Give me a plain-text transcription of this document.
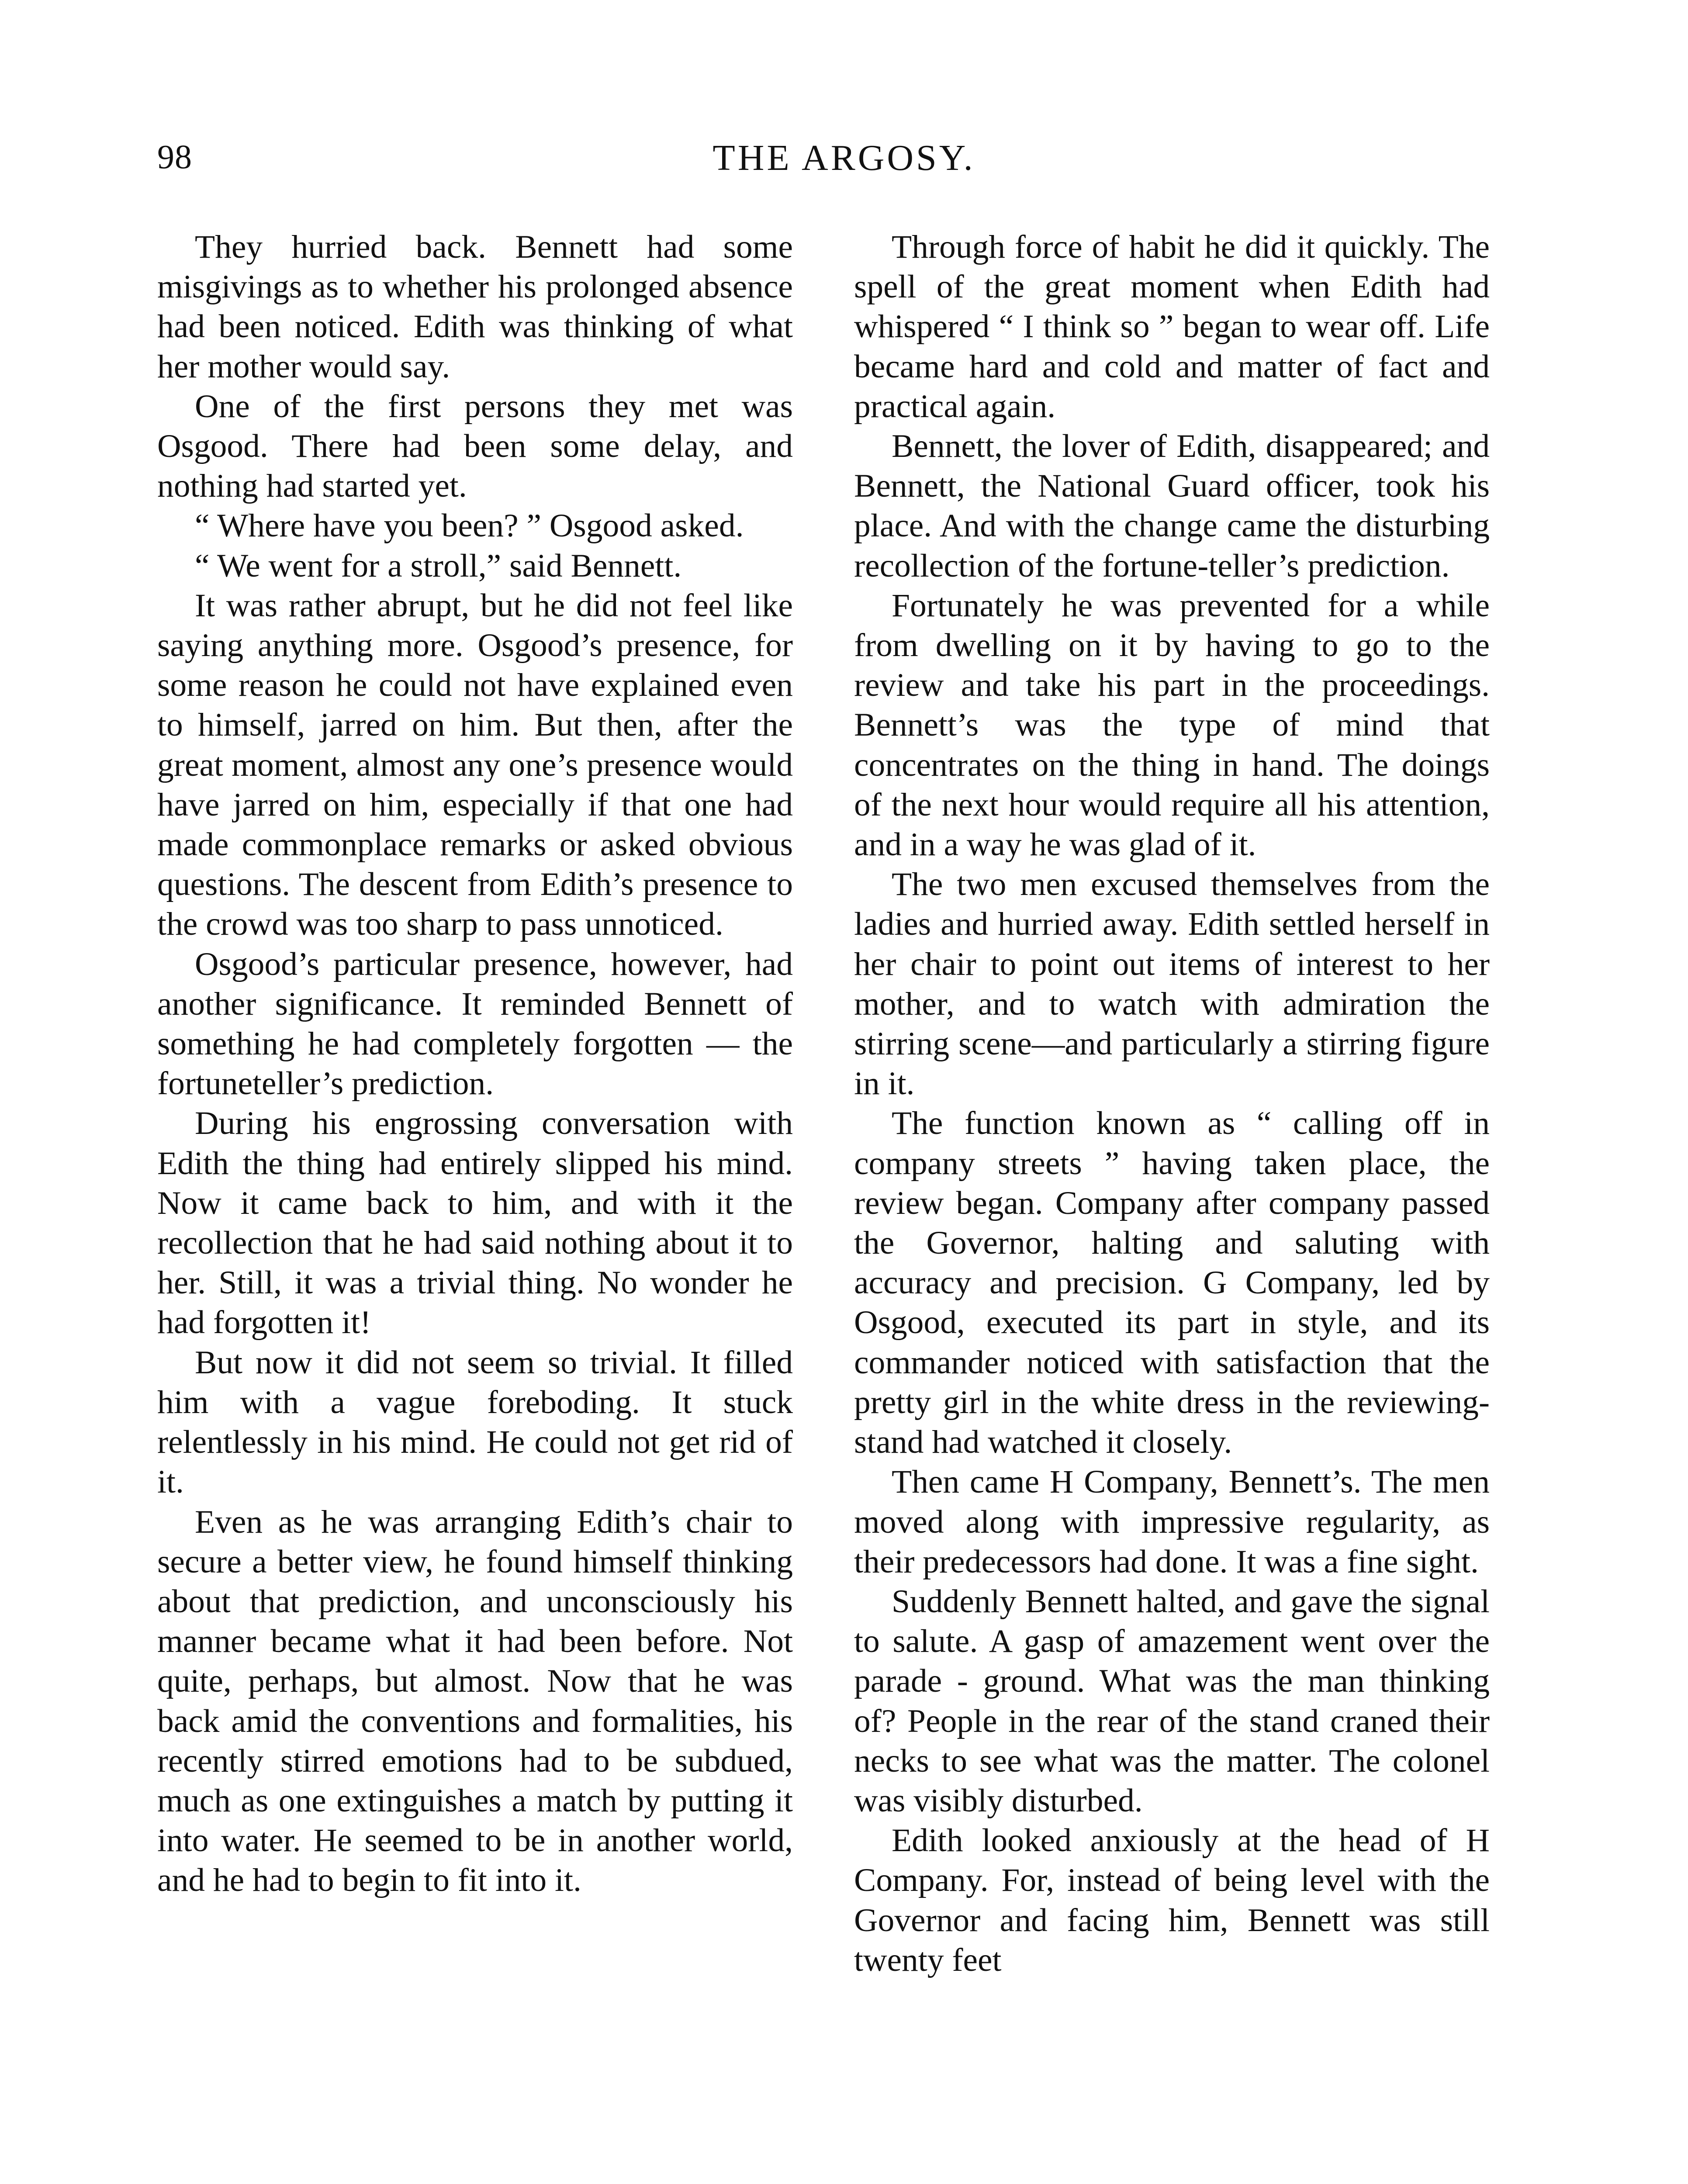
98	THE ARGOSY.

They hurried back. Bennett had some misgivings as to whether his prolonged absence had been noticed. Edith was thinking of what her mother would say.

One of the first persons they met was Osgood. There had been some delay, and nothing had started yet.

“ Where have you been? ” Osgood asked.

“ We went for a stroll,” said Bennett.

It was rather abrupt, but he did not feel like saying anything more. Osgood’s presence, for some reason he could not have explained even to himself, jarred on him. But then, after the great moment, almost any one’s presence would have jarred on him, especially if that one had made commonplace remarks or asked obvious questions. The descent from Edith’s presence to the crowd was too sharp to pass unnoticed.

Osgood’s particular presence, however, had another significance. It reminded Bennett of something he had completely forgotten — the fortuneteller’s prediction.

During his engrossing conversation with Edith the thing had entirely slipped his mind. Now it came back to him, and with it the recollection that he had said nothing about it to her. Still, it was a trivial thing. No wonder he had forgotten it!

But now it did not seem so trivial. It filled him with a vague foreboding. It stuck relentlessly in his mind. He could not get rid of it.

Even as he was arranging Edith’s chair to secure a better view, he found himself thinking about that prediction, and unconsciously his manner became what it had been before. Not quite, perhaps, but almost. Now that he was back amid the conventions and formalities, his recently stirred emotions had to be subdued, much as one extinguishes a match by putting it into water. He seemed to be in another world, and he had to begin to fit into it.

Through force of habit he did it quickly. The spell of the great moment when Edith had whispered “ I think so ” began to wear off. Life became hard and cold and matter of fact and practical again.

Bennett, the lover of Edith, disappeared; and Bennett, the National Guard officer, took his place. And with the change came the disturbing recollection of the fortune-teller’s prediction.

Fortunately he was prevented for a while from dwelling on it by having to go to the review and take his part in the proceedings. Bennett’s was the type of mind that concentrates on the thing in hand. The doings of the next hour would require all his attention, and in a way he was glad of it.

The two men excused themselves from the ladies and hurried away. Edith settled herself in her chair to point out items of interest to her mother, and to watch with admiration the stirring scene—and particularly a stirring figure in it.

The function known as “ calling off in company streets ” having taken place, the review began. Company after company passed the Governor, halting and saluting with accuracy and precision. G Company, led by Osgood, executed its part in style, and its commander noticed with satisfaction that the pretty girl in the white dress in the reviewing-stand had watched it closely.

Then came H Company, Bennett’s. The men moved along with impressive regularity, as their predecessors had done. It was a fine sight.

Suddenly Bennett halted, and gave the signal to salute. A gasp of amazement went over the parade - ground. What was the man thinking of? People in the rear of the stand craned their necks to see what was the matter. The colonel was visibly disturbed.

Edith looked anxiously at the head of H Company. For, instead of being level with the Governor and facing him, Bennett was still twenty feet
